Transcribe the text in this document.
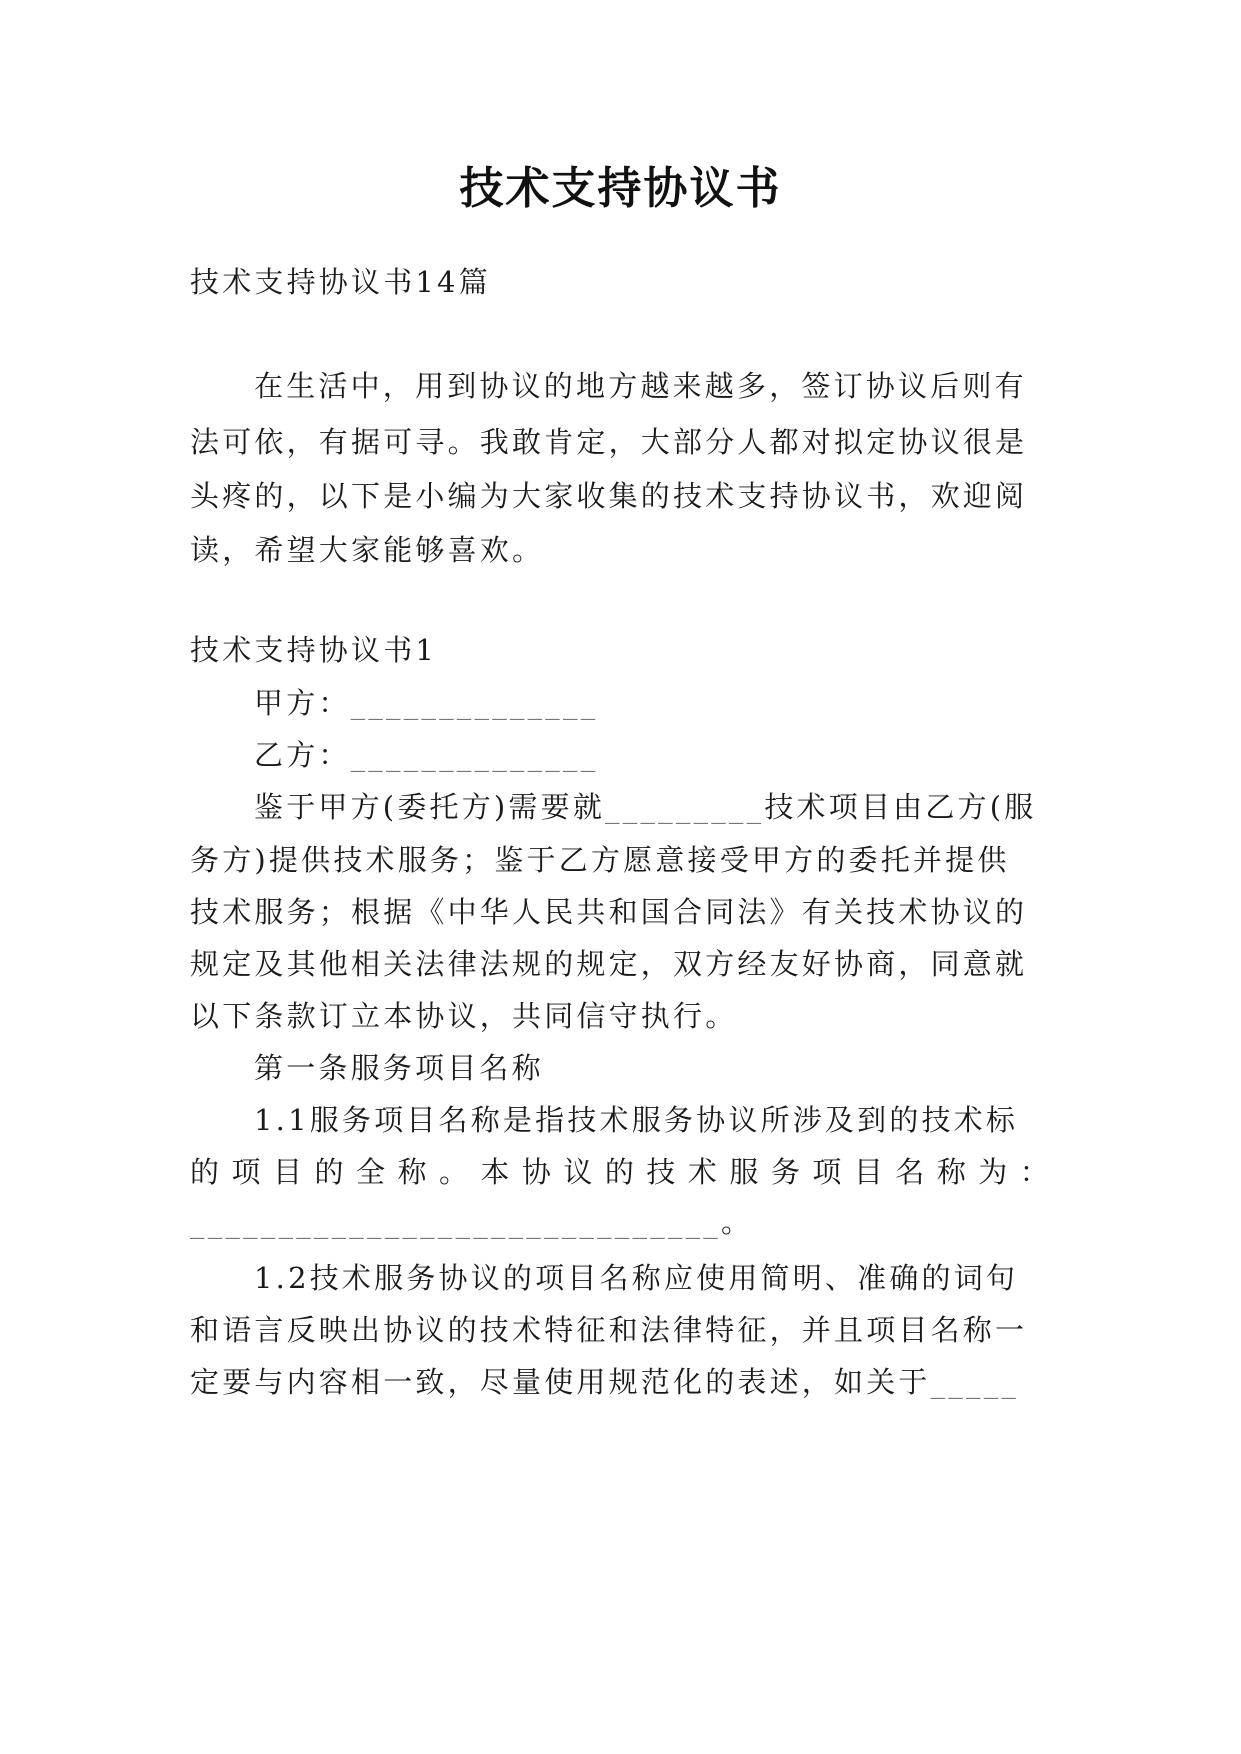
技术支持协议书
技术支持协议书14篇
在生活中，用到协议的地方越来越多，签订协议后则有
法可依，有据可寻。我敢肯定，大部分人都对拟定协议很是
头疼的，以下是小编为大家收集的技术支持协议书，欢迎阅
读，希望大家能够喜欢。
技术支持协议书1
甲方：______________
乙方：______________
鉴于甲方(委托方)需要就_________技术项目由乙方(服
务方)提供技术服务；鉴于乙方愿意接受甲方的委托并提供
技术服务；根据《中华人民共和国合同法》有关技术协议的
规定及其他相关法律法规的规定，双方经友好协商，同意就
以下条款订立本协议，共同信守执行。
第一条服务项目名称
1.1服务项目名称是指技术服务协议所涉及到的技术标
的项目的全称。本协议的技术服务项目名称为：
______________________________。
1.2技术服务协议的项目名称应使用简明、准确的词句
和语言反映出协议的技术特征和法律特征，并且项目名称一
定要与内容相一致，尽量使用规范化的表述，如关于_____
